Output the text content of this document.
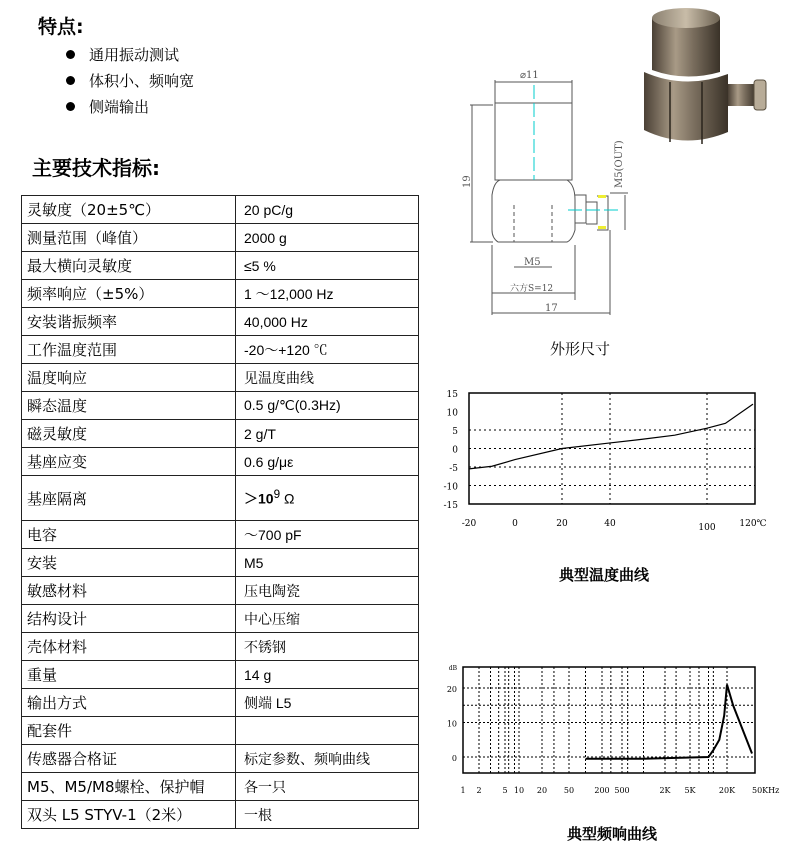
特点:
通用振动测试
体积小、频响宽
侧端输出
主要技术指标:
灵敏度（20±5℃）	20 pC/g
测量范围（峰值）	2000 g
最大横向灵敏度	≤5 %
频率响应（±5%）	1 ～12,000 Hz
安装谐振频率	40,000 Hz
工作温度范围	-20～+120 ℃
温度响应	见温度曲线
瞬态温度	0.5 g/℃(0.3Hz)
磁灵敏度	2 g/T
基座应变	0.6 g/με
基座隔离	$>10^9$ Ω
电容	～700 pF
安装	M5
敏感材料	压电陶瓷
结构设计	中心压缩
壳体材料	不锈钢
重量	14 g
输出方式	侧端 L5
配套件	
传感器合格证	标定参数、频响曲线
M5、M5/M8螺栓、保护帽	各一只
双头 L5 STYV-1（2米）	一根
⌀11
19	M5(OUT)
M5
六方S=12
17
外形尺寸
15
10
5
0
-5
-10
-15
-20	0	20	40	100	120℃
典型温度曲线
dB
20
10
0
1 2	5 10 20 50	200 500	2K 5K	20K 50KHz
典型频响曲线
